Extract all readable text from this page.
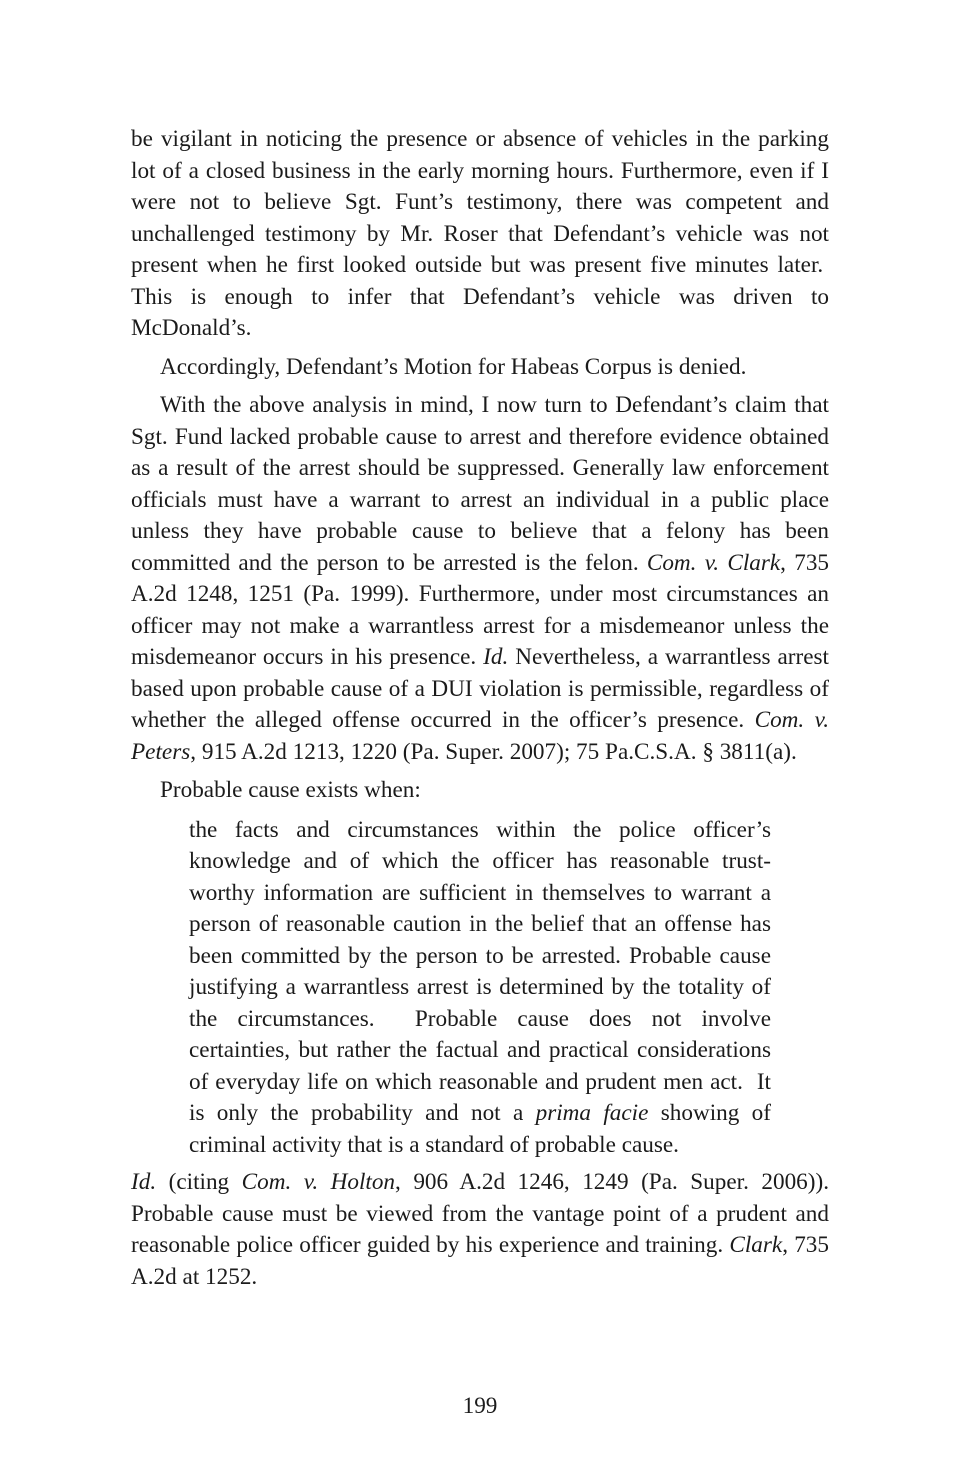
be vigilant in noticing the presence or absence of vehicles in the parking lot of a closed business in the early morning hours. Furthermore, even if I were not to believe Sgt. Funt’s testimony, there was competent and unchallenged testimony by Mr. Roser that Defendant’s vehicle was not present when he first looked outside but was present five minutes later.  This is enough to infer that Defendant’s vehicle was driven to McDonald’s.

Accordingly, Defendant’s Motion for Habeas Corpus is denied.

With the above analysis in mind, I now turn to Defendant’s claim that Sgt. Fund lacked probable cause to arrest and therefore evidence obtained as a result of the arrest should be suppressed. Generally law enforcement officials must have a warrant to arrest an individual in a public place unless they have probable cause to believe that a felony has been committed and the person to be arrested is the felon. Com. v. Clark, 735 A.2d 1248, 1251 (Pa. 1999). Furthermore, under most circumstances an officer may not make a warrantless arrest for a misdemeanor unless the misdemeanor occurs in his presence. Id. Nevertheless, a warrantless arrest based upon probable cause of a DUI violation is permissible, regardless of whether the alleged offense occurred in the officer’s presence. Com. v. Peters, 915 A.2d 1213, 1220 (Pa. Super. 2007); 75 Pa.C.S.A. § 3811(a).

Probable cause exists when:

the facts and circumstances within the police officer’s knowledge and of which the officer has reasonable trustworthy information are sufficient in themselves to warrant a person of reasonable caution in the belief that an offense has been committed by the person to be arrested. Probable cause justifying a warrantless arrest is determined by the totality of the circumstances.  Probable cause does not involve certainties, but rather the factual and practical considerations of everyday life on which reasonable and prudent men act.  It is only the probability and not a prima facie showing of criminal activity that is a standard of probable cause.

Id. (citing Com. v. Holton, 906 A.2d 1246, 1249 (Pa. Super. 2006)). Probable cause must be viewed from the vantage point of a prudent and reasonable police officer guided by his experience and training. Clark, 735 A.2d at 1252.

199
